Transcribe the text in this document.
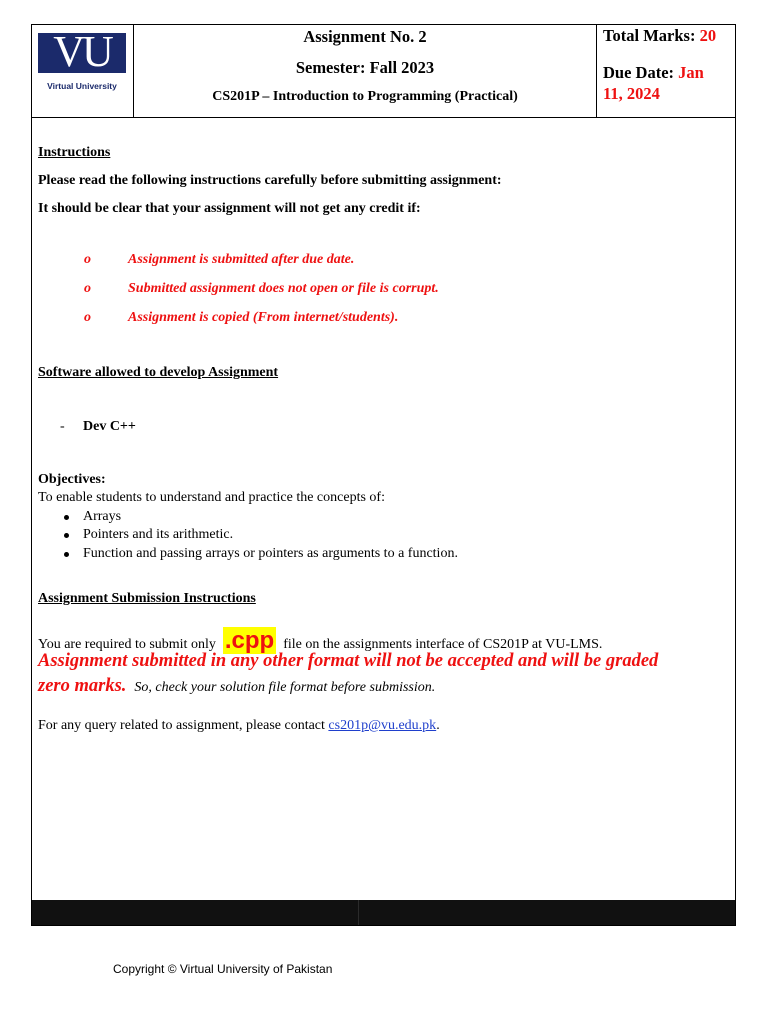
VU
Virtual University
Assignment No. 2
Semester: Fall 2023
CS201P – Introduction to Programming (Practical)
Total Marks: 20
Due Date: Jan
11, 2024
Instructions
Please read the following instructions carefully before submitting assignment:
It should be clear that your assignment will not get any credit if:
o	Assignment is submitted after due date.
o	Submitted assignment does not open or file is corrupt.
o	Assignment is copied (From internet/students).
Software allowed to develop Assignment
- Dev C++
Objectives:
To enable students to understand and practice the concepts of:
Arrays
Pointers and its arithmetic.
Function and passing arrays or pointers as arguments to a function.
Assignment Submission Instructions
You are required to submit only .cpp file on the assignments interface of CS201P at VU-LMS.
Assignment submitted in any other format will not be accepted and will be graded
zero marks. So, check your solution file format before submission.
For any query related to assignment, please contact cs201p@vu.edu.pk.
Copyright © Virtual University of Pakistan
